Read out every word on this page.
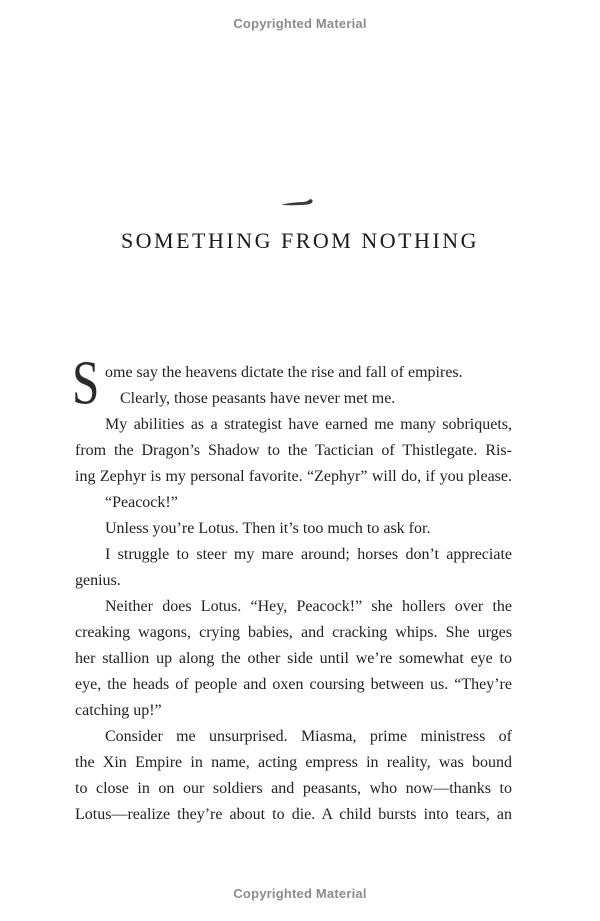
Copyrighted Material
SOMETHING FROM NOTHING
S ome say the heavens dictate the rise and fall of empires.
Clearly, those peasants have never met me.
My abilities as a strategist have earned me many sobriquets,
from the Dragon’s Shadow to the Tactician of Thistlegate. Ris-
ing Zephyr is my personal favorite. “Zephyr” will do, if you please.
“Peacock!”
Unless you’re Lotus. Then it’s too much to ask for.
I struggle to steer my mare around; horses don’t appreciate
genius.
Neither does Lotus. “Hey, Peacock!” she hollers over the
creaking wagons, crying babies, and cracking whips. She urges
her stallion up along the other side until we’re somewhat eye to
eye, the heads of people and oxen coursing between us. “They’re
catching up!”
Consider me unsurprised. Miasma, prime ministress of
the Xin Empire in name, acting empress in reality, was bound
to close in on our soldiers and peasants, who now—thanks to
Lotus—realize they’re about to die. A child bursts into tears, an
Copyrighted Material
